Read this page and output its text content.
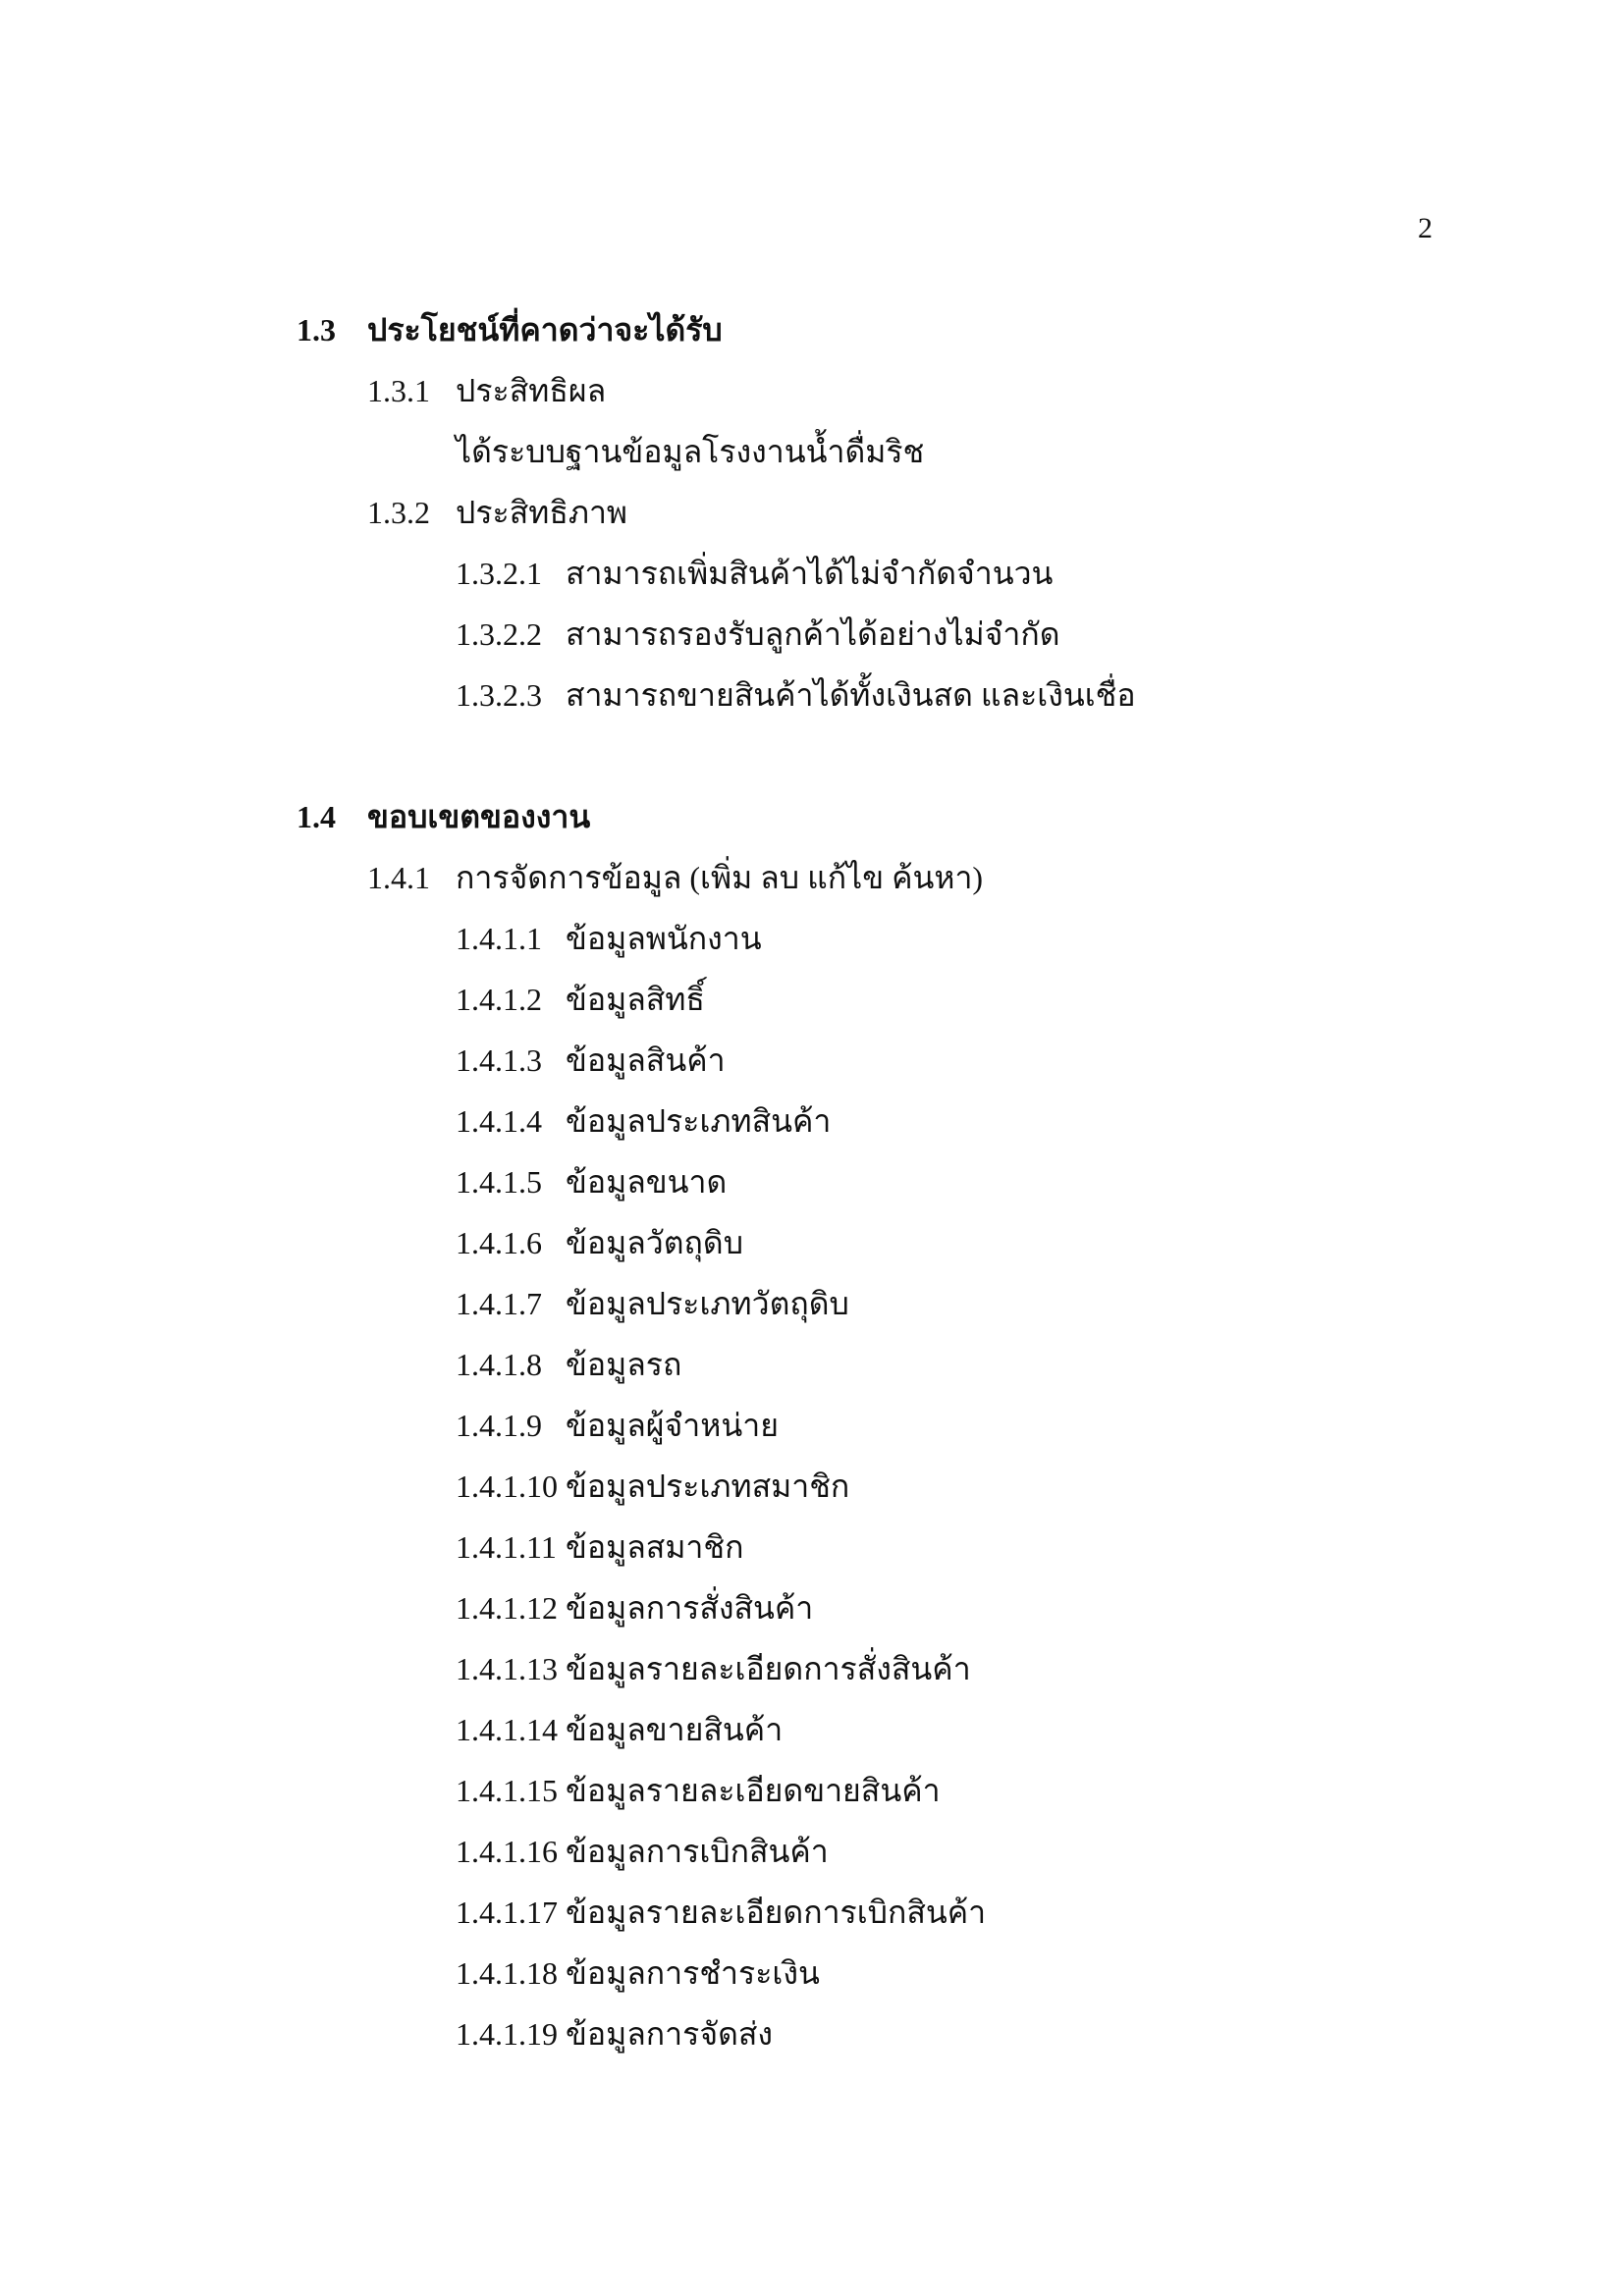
2
1.3 ประโยชน์ที่คาดว่าจะได้รับ
1.3.1 ประสิทธิผล
ได้ระบบฐานข้อมูลโรงงานน้ำดื่มริช
1.3.2 ประสิทธิภาพ
1.3.2.1 สามารถเพิ่มสินค้าได้ไม่จำกัดจำนวน
1.3.2.2 สามารถรองรับลูกค้าได้อย่างไม่จำกัด
1.3.2.3 สามารถขายสินค้าได้ทั้งเงินสด และเงินเชื่อ
1.4 ขอบเขตของงาน
1.4.1 การจัดการข้อมูล (เพิ่ม ลบ แก้ไข ค้นหา)
1.4.1.1 ข้อมูลพนักงาน
1.4.1.2 ข้อมูลสิทธิ์
1.4.1.3 ข้อมูลสินค้า
1.4.1.4 ข้อมูลประเภทสินค้า
1.4.1.5 ข้อมูลขนาด
1.4.1.6 ข้อมูลวัตถุดิบ
1.4.1.7 ข้อมูลประเภทวัตถุดิบ
1.4.1.8 ข้อมูลรถ
1.4.1.9 ข้อมูลผู้จำหน่าย
1.4.1.10 ข้อมูลประเภทสมาชิก
1.4.1.11 ข้อมูลสมาชิก
1.4.1.12 ข้อมูลการสั่งสินค้า
1.4.1.13 ข้อมูลรายละเอียดการสั่งสินค้า
1.4.1.14 ข้อมูลขายสินค้า
1.4.1.15 ข้อมูลรายละเอียดขายสินค้า
1.4.1.16 ข้อมูลการเบิกสินค้า
1.4.1.17 ข้อมูลรายละเอียดการเบิกสินค้า
1.4.1.18 ข้อมูลการชำระเงิน
1.4.1.19 ข้อมูลการจัดส่ง
